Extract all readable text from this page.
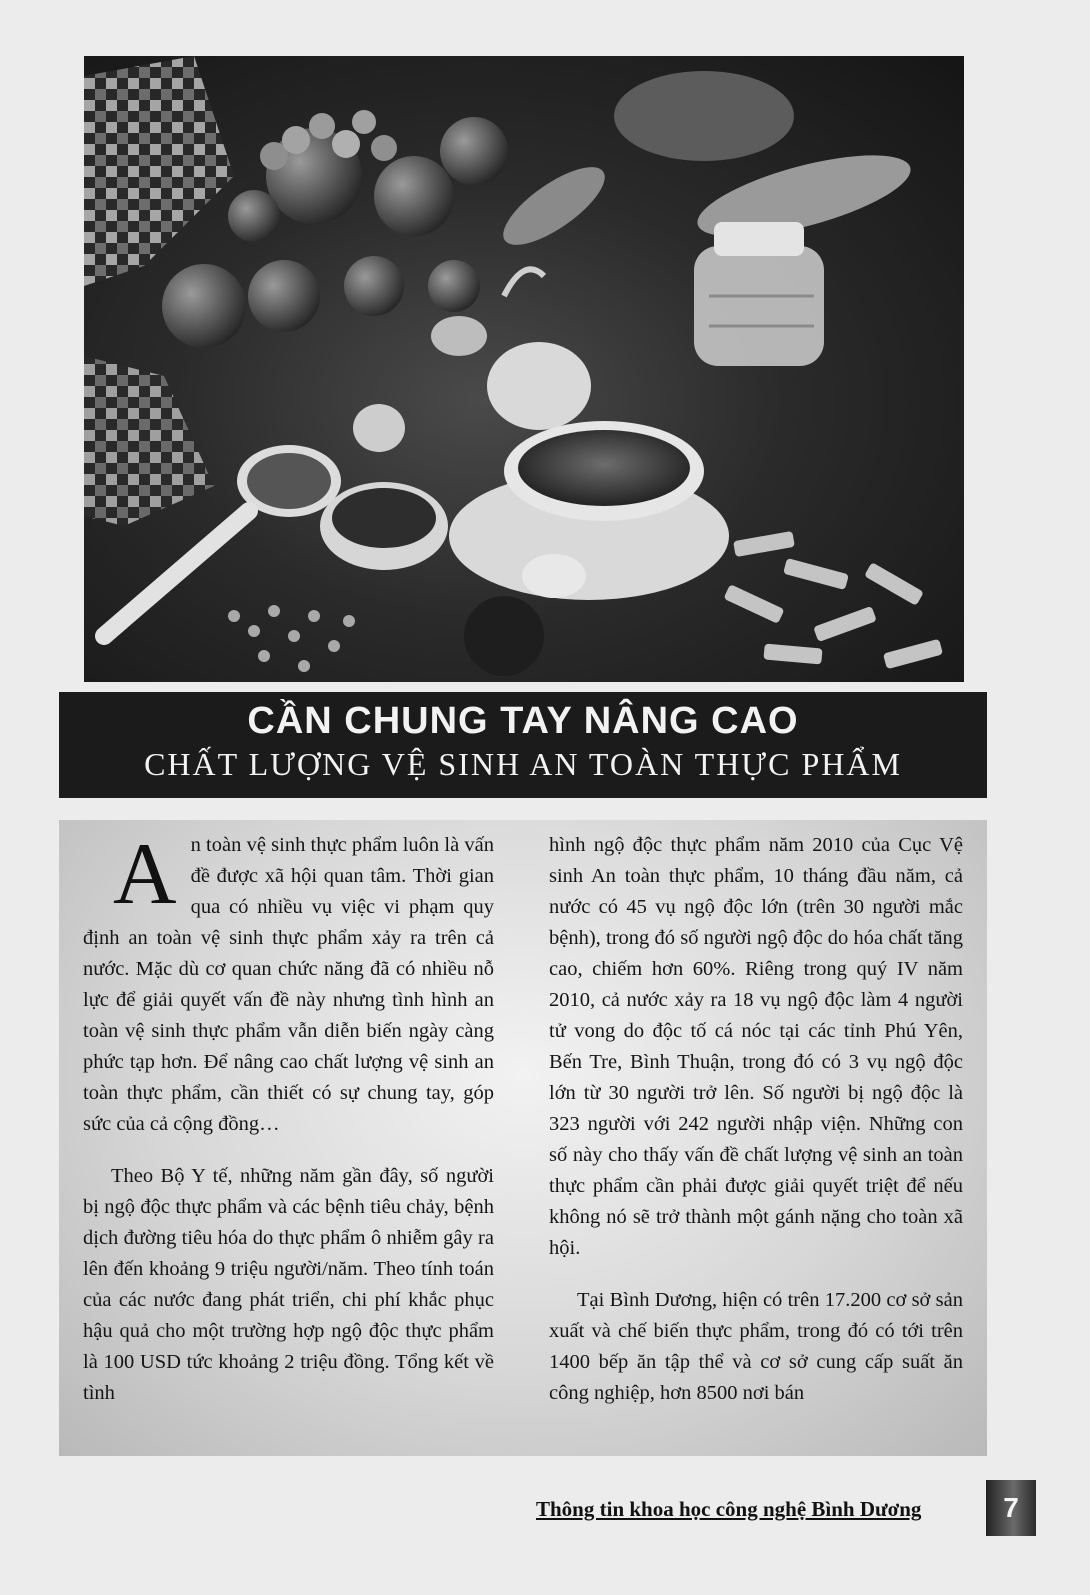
CẦN CHUNG TAY NÂNG CAO
CHẤT LƯỢNG VỆ SINH AN TOÀN THỰC PHẨM

An toàn vệ sinh thực phẩm luôn là vấn đề được xã hội quan tâm. Thời gian qua có nhiều vụ việc vi phạm quy định an toàn vệ sinh thực phẩm xảy ra trên cả nước. Mặc dù cơ quan chức năng đã có nhiều nỗ lực để giải quyết vấn đề này nhưng tình hình an toàn vệ sinh thực phẩm vẫn diễn biến ngày càng phức tạp hơn. Để nâng cao chất lượng vệ sinh an toàn thực phẩm, cần thiết có sự chung tay, góp sức của cả cộng đồng…

Theo Bộ Y tế, những năm gần đây, số người bị ngộ độc thực phẩm và các bệnh tiêu chảy, bệnh dịch đường tiêu hóa do thực phẩm ô nhiễm gây ra lên đến khoảng 9 triệu người/năm. Theo tính toán của các nước đang phát triển, chi phí khắc phục hậu quả cho một trường hợp ngộ độc thực phẩm là 100 USD tức khoảng 2 triệu đồng. Tổng kết về tình

hình ngộ độc thực phẩm năm 2010 của Cục Vệ sinh An toàn thực phẩm, 10 tháng đầu năm, cả nước có 45 vụ ngộ độc lớn (trên 30 người mắc bệnh), trong đó số người ngộ độc do hóa chất tăng cao, chiếm hơn 60%. Riêng trong quý IV năm 2010, cả nước xảy ra 18 vụ ngộ độc làm 4 người tử vong do độc tố cá nóc tại các tỉnh Phú Yên, Bến Tre, Bình Thuận, trong đó có 3 vụ ngộ độc lớn từ 30 người trở lên. Số người bị ngộ độc là 323 người với 242 người nhập viện. Những con số này cho thấy vấn đề chất lượng vệ sinh an toàn thực phẩm cần phải được giải quyết triệt để nếu không nó sẽ trở thành một gánh nặng cho toàn xã hội.

Tại Bình Dương, hiện có trên 17.200 cơ sở sản xuất và chế biến thực phẩm, trong đó có tới trên 1400 bếp ăn tập thể và cơ sở cung cấp suất ăn công nghiệp, hơn 8500 nơi bán

Thông tin khoa học công nghệ Bình Dương	7
